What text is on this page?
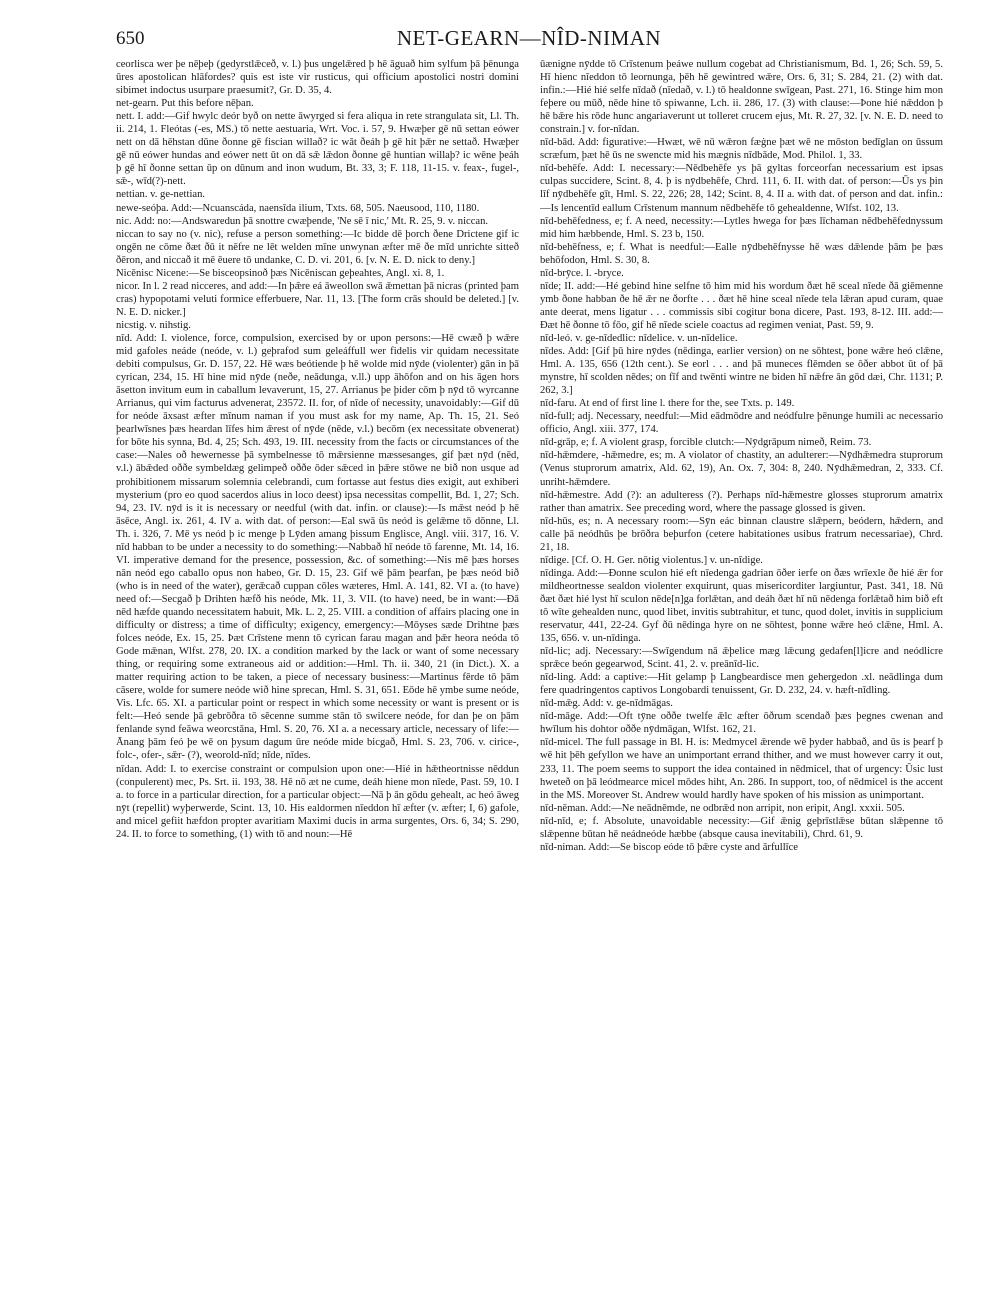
650	NET-GEARN—NÎD-NIMAN

ceorlisca wer þe nēþeþ (gedyrstlǣceð, v. l.) þus ungelǣred þ hē āguað him sylfum þā þēnunga ūres apostolican hlāfordes? quis est iste vir rusticus, qui officium apostolici nostri domini sibimet indoctus usurpare praesumit?, Gr. D. 35, 4.

net-gearn. Put this before nēþan.

nett. I. add:—Gif hwylc deór byð on nette āwyrged si fera aliqua in rete strangulata sit, Ll. Th. ii. 214, 1. Fleótas (-es, MS.) tō nette aestuaria, Wrt. Voc. i. 57, 9. Hwæþer gē nū settan eówer nett on dā hēhstan dūne ðonne gē fiscian willað? ic wāt ðeáh þ gē hit þǣr ne settað. Hwæþer gē nū eówer hundas and eówer nett ūt on dā sǣ lǣdon ðonne gē huntian willaþ? ic wēne þeáh þ gē hī ðonne settan ūp on dūnum and inon wudum, Bt. 33, 3; F. 118, 11-15. v. feax-, fugel-, sǣ-, wīd(?)-nett.

nettian. v. ge-nettian.

newe-seóþa. Add:—Ncuanscáda, naensīda ilium, Txts. 68, 505. Naeusood, 110, 1180.

nic. Add: no:—Andswaredun þā snottre cwæþende, 'Ne sē ī nic,' Mt. R. 25, 9. v. niccan.

niccan to say no (v. nic), refuse a person something:—Ic bidde dē þorch ðene Drictene gif ic ongēn ne cōme ðæt ðū it nēfre ne lēt welden mīne unwynan æfter mē ðe mīd unrichte sitteð ðēron, and niccað it mē ēuere tō undanke, C. D. vi. 201, 6. [v. N. E. D. nick to deny.]

Nicēnisc Nicene:—Se bisceopsinoð þæs Nicēniscan geþeahtes, Angl. xi. 8, 1.

nicor. In l. 2 read nicceres, and add:—In þǣre eá āweollon swā ǣmettan þā nicras (printed þam cras) hypopotami veluti formice efferbuere, Nar. 11, 13. [The form crās should be deleted.] [v. N. E. D. nicker.]

nicstig. v. nihstig.

nīd. Add: I. violence, force, compulsion, exercised by or upon persons:—Hē cwæð þ wǣre mid gafoles neáde (neóde, v. l.) geþrafod sum geleáffull wer fidelis vir quidam necessitate debiti compulsus, Gr. D. 157, 22. Hē wæs beótiende þ hē wolde mid nȳde (violenter) gān in þā cyrican, 234, 15. Hī hine mid nȳde (neðe, neādunga, v.ll.) upp āhōfon and on his āgen hors āsetton invitum eum in caballum levaverunt, 15, 27. Arrianus þe þider cōm þ nȳd tō wyrcanne Arrianus, qui vim facturus advenerat, 23572. II. for, of nīde of necessity, unavoidably:—Gif dū for neóde āxsast æfter mīnum naman if you must ask for my name, Ap. Th. 15, 21. Seó þearlwīsnes þæs heardan līfes him ǣrest of nȳde (nēde, v.l.) becōm (ex necessitate obvenerat) for bōte his synna, Bd. 4, 25; Sch. 493, 19. III. necessity from the facts or circumstances of the case:—Nales oð hewernesse þā symbelnesse tō mǣrsienne mæssesanges, gif þæt nȳd (nēd, v.l.) ābǣded oððe symbeldæg gelimpeð oððe ōder sǣced in þǣre stōwe ne bið non usque ad prohibitionem missarum solemnia celebrandi, cum fortasse aut festus dies exigit, aut exhiberi mysterium (pro eo quod sacerdos alius in loco deest) ipsa necessitas compellit, Bd. 1, 27; Sch. 94, 23. IV. nȳd is it is necessary or needful (with dat. infin. or clause):—Is mǣst neód þ hē āsēce, Angl. ix. 261, 4. IV a. with dat. of person:—Eal swā ūs neód is gelǣme tō dōnne, Ll. Th. i. 326, 7. Mē ys neód þ ic menge þ Lȳden amang þissum Englisce, Angl. viii. 317, 16. V. nīd habban to be under a necessity to do something:—Nabbað hī neóde tō farenne, Mt. 14, 16. VI. imperative demand for the presence, possession, &c. of something:—Nis mē þæs horses nān neód ego caballo opus non habeo, Gr. D. 15, 23. Gif wē þām þearfan, þe þæs neód bið (who is in need of the water), gerǣcað cuppan cōles wæteres, Hml. A. 141, 82. VI a. (to have) need of:—Secgað þ Drihten hæfð his neóde, Mk. 11, 3. VII. (to have) need, be in want:—Ðā nēd hæfde quando necessitatem habuit, Mk. L. 2, 25. VIII. a condition of affairs placing one in difficulty or distress; a time of difficulty; exigency, emergency:—Mōyses sæde Drihtne þæs folces neóde, Ex. 15, 25. Þæt Crīstene menn tō cyrican farau magan and þǣr heora neóda tō Gode mǣnan, Wlfst. 278, 20. IX. a condition marked by the lack or want of some necessary thing, or requiring some extraneous aid or addition:—Hml. Th. ii. 340, 21 (in Dict.). X. a matter requiring action to be taken, a piece of necessary business:—Martinus fērde tō þām cāsere, wolde for sumere neóde wið hine sprecan, Hml. S. 31, 651. Eōde hē ymbe sume neóde, Vis. Lfc. 65. XI. a particular point or respect in which some necessity or want is present or is felt:—Heó sende þā gebrōðra tō sēcenne summe stān tō swilcere neóde, for dan þe on þām fenlande synd feāwa weorcstāna, Hml. S. 20, 76. XI a. a necessary article, necessary of life:—Ānang þām feó þe wē on þysum dagum ūre neóde mide bicgað, Hml. S. 23, 706. v. cirice-, folc-, ofer-, sǣr- (?), weorold-nīd; nīde, nīdes.

nīdan. Add: I. to exercise constraint or compulsion upon one:—Hié in hǣtheortnisse nēddun (conpulerent) mec, Ps. Srt. ii. 193, 38. Hē nō æt ne cume, deáh hiene mon nīede, Past. 59, 10. I a. to force in a particular direction, for a particular object:—Nā þ ān gōdu gehealt, ac heó āweg nȳt (repellit) wyþerwerde, Scint. 13, 10. His ealdormen nīeddon hī æfter (v. æfter; I, 6) gafole, and micel gefiit hæfdon propter avaritiam Maximi ducis in arma surgentes, Ors. 6, 34; S. 290, 24. II. to force to something, (1) with tō and noun:—Hē

ūænigne nȳdde tō Crīstenum þeáwe nullum cogebat ad Christianismum, Bd. 1, 26; Sch. 59, 5. Hī hienc nīeddon tō leornunga, þēh hē gewintred wǣre, Ors. 6, 31; S. 284, 21. (2) with dat. infin.:—Hié hié selfe nīdað (nīedað, v. l.) tō healdonne swīgean, Past. 271, 16. Stinge him mon feþere ou mūð, nēde hine tō spiwanne, Lch. ii. 286, 17. (3) with clause:—Þone hié nǣddon þ hē bǣre his rōde hunc angariaverunt ut tolleret crucem ejus, Mt. R. 27, 32. [v. N. E. D. need to constrain.] v. for-nīdan.

nīd-bād. Add: figurative:—Hwæt, wē nū wǣron fæġne þæt wē ne mōston bedīglan on ūssum scræfum, þæt hē ūs ne swencte mid his mægnis nīdbāde, Mod. Philol. 1, 33.

nīd-behēfe. Add: I. necessary:—Nēdbehēfe ys þā gyltas forceorfan necessarium est ipsas culpas succidere, Scint. 8, 4. þ is nȳdbehēfe, Chrd. 111, 6. II. with dat. of person:—Ūs ys þin līf nȳdbehēfe gīt, Hml. S. 22, 226; 28, 142; Scint. 8, 4. II a. with dat. of person and dat. infin.:—Is lencentīd eallum Crīstenum mannum nēdbehēfe tō gehealdenne, Wlfst. 102, 13.

nīd-behēfedness, e; f. A need, necessity:—Lytles hwega for þæs līchaman nēdbehēfednyssum mid him hæbbende, Hml. S. 23 b, 150.

nīd-behēfness, e; f. What is needful:—Ealle nȳdbehēfnysse hē wæs dǣlende þām þe þæs behōfodon, Hml. S. 30, 8.

nīd-brȳce. l. -bryce.

nīde; II. add:—Hé gebind hine selfne tō him mid his wordum ðæt hē sceal nīede ðā giēmenne ymb ðone habban ðe hē ǣr ne ðorfte . . . ðæt hē hine sceal nīede tela lǣran apud curam, quae ante deerat, mens ligatur . . . commissis sibi cogitur bona dicere, Past. 193, 8-12. III. add:—Ðæt hē ðonne tō fōo, gif hē nīede sciele coactus ad regimen veniat, Past. 59, 9.

nīd-leó. v. ge-nīdedlic: nīdelice. v. un-nīdelice.

nīdes. Add: [Gif þū hire nȳdes (nēdinga, earlier version) on ne sōhtest, þone wǣre heó clǣne, Hml. A. 135, 656 (12th cent.). Se eorl . . . and þā muneces flēmden se ōðer abbot ūt of þā mynstre, hī scolden nēdes; on fīf and twēnti wintre ne biden hī nǣfre ān gōd dæi, Chr. 1131; P. 262, 3.]

nīd-faru. At end of first line l. there for the, see Txts. p. 149.

nīd-full; adj. Necessary, needful:—Mid eādmōdre and neódfulre þēnunge humili ac necessario officio, Angl. xiii. 377, 174.

nīd-grāp, e; f. A violent grasp, forcible clutch:—Nȳdgrāpum nimeð, Reim. 73.

nīd-hǣmdere, -hǣmedre, es; m. A violator of chastity, an adulterer:—Nȳdhǣmedra stuprorum (Venus stuprorum amatrix, Ald. 62, 19), An. Ox. 7, 304: 8, 240. Nȳdhǣmedran, 2, 333. Cf. unriht-hǣmdere.

nīd-hǣmestre. Add (?): an adulteress (?). Perhaps nīd-hǣmestre glosses stuprorum amatrix rather than amatrix. See preceding word, where the passage glossed is given.

nīd-hūs, es; n. A necessary room:—Sȳn eác binnan claustre slǣpern, beódern, hǣdern, and calle þā neódhūs þe brōðra beþurfon (cetere habitationes usibus fratrum necessariae), Chrd. 21, 18.

nīdige. [Cf. O. H. Ger. nōtig violentus.] v. un-nīdige.

nīdinga. Add:—Ðonne sculon hié eft nīedenga gadrian ōðer ierfe on ðæs wrīexle ðe hié ǣr for mildheortnesse sealdon violenter exquirunt, quas misericorditer largiuntur, Past. 341, 18. Nū ðæt ðæt hié lyst hī sculon nēde[n]ga forlǣtan, and deáh ðæt hī nū nēdenga forlǣtað him bið eft tō wīte gehealden nunc, quod libet, invitis subtrahitur, et tunc, quod dolet, invitis in supplicium reservatur, 441, 22-24. Gyf ðū nēdinga hyre on ne sōhtest, þonne wǣre heó clǣne, Hml. A. 135, 656. v. un-nīdinga.

nīd-lic; adj. Necessary:—Swīgendum nā ǣþelice mæg lǣcung gedafen[l]icre and neódlicre sprǣce beón gegearwod, Scint. 41, 2. v. preānīd-lic.

nīd-ling. Add: a captive:—Hit gelamp þ Langbeardisce men gehergedon .xl. neādlinga dum fere quadringentos captivos Longobardi tenuissent, Gr. D. 232, 24. v. hæft-nīdling.

nīd-mǣg. Add: v. ge-nīdmāgas.

nīd-māge. Add:—Oft tȳne oððe twelfe ǣlc æfter ōðrum scendað þæs þegnes cwenan and hwīlum his dohtor oððe nȳdmāgan, Wlfst. 162, 21.

nīd-micel. The full passage in Bl. H. is: Medmycel ǣrende wē þyder habbað, and ūs is þearf þ wē hit þēh gefyllon we have an unimportant errand thither, and we must however carry it out, 233, 11. The poem seems to support the idea contained in nēdmicel, that of urgency: Ūsic lust hweteð on þā leódmearce micel mōdes hiht, An. 286. In support, too, of nēdmicel is the accent in the MS. Moreover St. Andrew would hardly have spoken of his mission as unimportant.

nīd-nēman. Add:—Ne neādnēmde, ne odbrǣd non arripit, non eripit, Angl. xxxii. 505.

nīd-nīd, e; f. Absolute, unavoidable necessity:—Gif ǣnig geþrīstlǣse būtan slǣpenne tō slǣpenne būtan hē neádneóde hæbbe (absque causa inevitabili), Chrd. 61, 9.

nīd-niman. Add:—Se biscop eóde tō þǣre cyste and ārfullīce
